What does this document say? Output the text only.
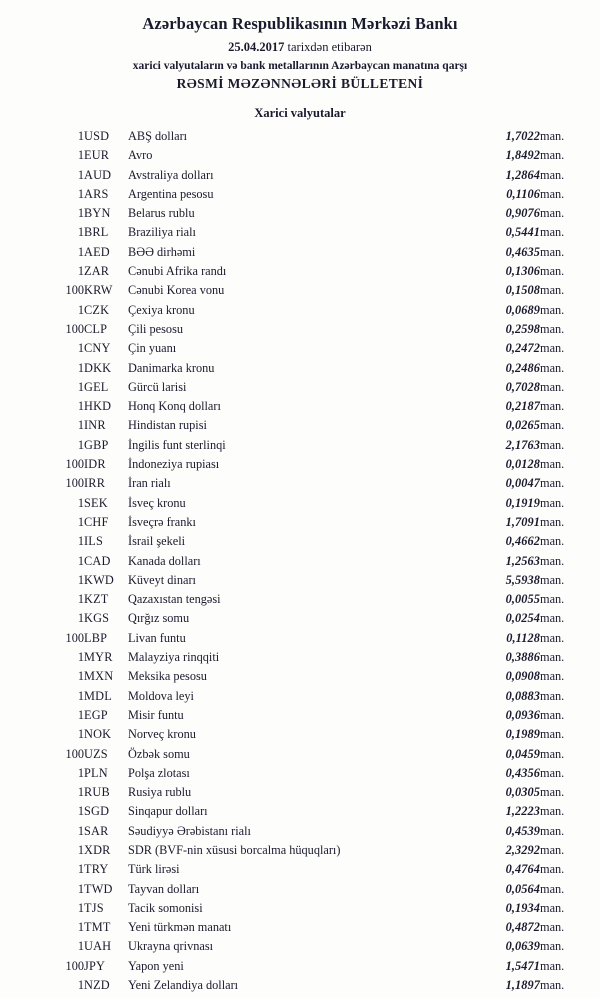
Azərbaycan Respublikasının Mərkəzi Bankı
25.04.2017 tarixdən etibarən
xarici valyutaların və bank metallarının Azərbaycan manatına qarşı
RƏSMİ MƏZƏNNƏLƏRİ BÜLLETENİ
Xarici valyutalar
1	USD	ABŞ dolları	1,7022	man.
1	EUR	Avro	1,8492	man.
1	AUD	Avstraliya dolları	1,2864	man.
1	ARS	Argentina pesosu	0,1106	man.
1	BYN	Belarus rublu	0,9076	man.
1	BRL	Braziliya rialı	0,5441	man.
1	AED	BƏƏ dirhəmi	0,4635	man.
1	ZAR	Cənubi Afrika randı	0,1306	man.
100	KRW	Cənubi Korea vonu	0,1508	man.
1	CZK	Çexiya kronu	0,0689	man.
100	CLP	Çili pesosu	0,2598	man.
1	CNY	Çin yuanı	0,2472	man.
1	DKK	Danimarka kronu	0,2486	man.
1	GEL	Gürcü larisi	0,7028	man.
1	HKD	Honq Konq dolları	0,2187	man.
1	INR	Hindistan rupisi	0,0265	man.
1	GBP	İngilis funt sterlinqi	2,1763	man.
100	IDR	İndoneziya rupiası	0,0128	man.
100	IRR	İran rialı	0,0047	man.
1	SEK	İsveç kronu	0,1919	man.
1	CHF	İsveçrə frankı	1,7091	man.
1	ILS	İsrail şekeli	0,4662	man.
1	CAD	Kanada dolları	1,2563	man.
1	KWD	Küveyt dinarı	5,5938	man.
1	KZT	Qazaxıstan tengəsi	0,0055	man.
1	KGS	Qırğız somu	0,0254	man.
100	LBP	Livan funtu	0,1128	man.
1	MYR	Malayziya rinqqiti	0,3886	man.
1	MXN	Meksika pesosu	0,0908	man.
1	MDL	Moldova leyi	0,0883	man.
1	EGP	Misir funtu	0,0936	man.
1	NOK	Norveç kronu	0,1989	man.
100	UZS	Özbək somu	0,0459	man.
1	PLN	Polşa zlotası	0,4356	man.
1	RUB	Rusiya rublu	0,0305	man.
1	SGD	Sinqapur dolları	1,2223	man.
1	SAR	Səudiyyə Ərəbistanı rialı	0,4539	man.
1	XDR	SDR (BVF-nin xüsusi borcalma hüquqları)	2,3292	man.
1	TRY	Türk lirəsi	0,4764	man.
1	TWD	Tayvan dolları	0,0564	man.
1	TJS	Tacik somonisi	0,1934	man.
1	TMT	Yeni türkmən manatı	0,4872	man.
1	UAH	Ukrayna qrivnası	0,0639	man.
100	JPY	Yapon yeni	1,5471	man.
1	NZD	Yeni Zelandiya dolları	1,1897	man.
